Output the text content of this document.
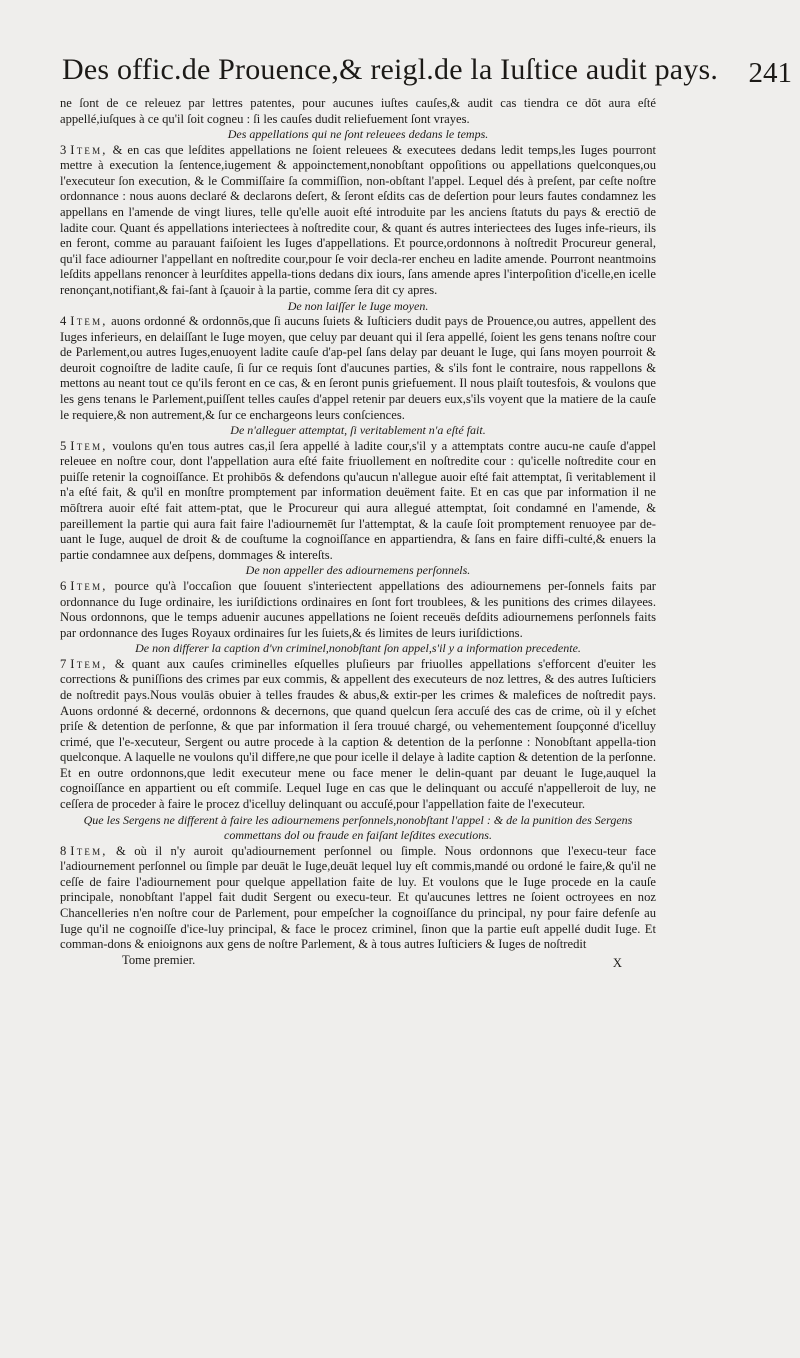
Des offic.de Prouence,& reigl.de la Iuſtice audit pays. 241

ne ſont de ce releuez par lettres patentes, pour aucunes iuſtes cauſes,& audit cas tiendra ce dōt aura eſté appellé,iuſques à ce qu'il ſoit cogneu : ſi les cauſes dudit reliefuement ſont vrayes.

Des appellations qui ne ſont releuees dedans le temps.

3 Item, & en cas que leſdites appellations ne ſoient releuees & executees dedans ledit temps,les Iuges pourront mettre à execution la ſentence,iugement & appoinctement,nonobſtant oppoſitions ou appellations quelconques,ou l'executeur ſon execution, & le Commiſſaire ſa commiſſion, non-obſtant l'appel. Lequel dés à preſent, par ceſte noſtre ordonnance : nous auons declaré & declarons deſert, & ſeront eſdits cas de deſertion pour leurs fautes condamnez les appellans en l'amende de vingt liures, telle qu'elle auoit eſté introduite par les anciens ſtatuts du pays & erectiō de ladite cour. Quant és appellations interiectees à noſtredite cour, & quant és autres interiectees des Iuges infe-rieurs, ils en feront, comme au parauant faiſoient les Iuges d'appellations. Et pource,ordonnons à noſtredit Procureur general, qu'il face adiourner l'appellant en noſtredite cour,pour ſe voir decla-rer encheu en ladite amende. Pourront neantmoins leſdits appellans renoncer à leurſdites appella-tions dedans dix iours, ſans amende apres l'interpoſition d'icelle,en icelle renonçant,notifiant,& fai-ſant à ſçauoir à la partie, comme ſera dit cy apres.

De non laiſſer le Iuge moyen.

4 Item, auons ordonné & ordonnōs,que ſi aucuns ſuiets & Iuſticiers dudit pays de Prouence,ou autres, appellent des Iuges inferieurs, en delaiſſant le Iuge moyen, que celuy par deuant qui il ſera appellé, ſoient les gens tenans noſtre cour de Parlement,ou autres Iuges,enuoyent ladite cauſe d'ap-pel ſans delay par deuant le Iuge, qui ſans moyen pourroit & deuroit cognoiſtre de ladite cauſe, ſi ſur ce requis ſont d'aucunes parties, & s'ils font le contraire, nous rappellons & mettons au neant tout ce qu'ils feront en ce cas, & en ſeront punis griefuement. Il nous plaiſt toutesfois, & voulons que les gens tenans le Parlement,puiſſent telles cauſes d'appel retenir par deuers eux,s'ils voyent que la matiere de la cauſe le requiere,& non autrement,& ſur ce enchargeons leurs conſciences.

De n'alleguer attemptat, ſi veritablement n'a eſté fait.

5 Item, voulons qu'en tous autres cas,il ſera appellé à ladite cour,s'il y a attemptats contre aucu-ne cauſe d'appel releuee en noſtre cour, dont l'appellation aura eſté faite friuollement en noſtredite cour : qu'icelle noſtredite cour en puiſſe retenir la cognoiſſance. Et prohibōs & defendons qu'aucun n'allegue auoir eſté fait attemptat, ſi veritablement il n'a eſté fait, & qu'il en monſtre promptement par information deuëment faite. Et en cas que par information il ne mōſtrera auoir eſté fait attem-ptat, que le Procureur qui aura allegué attemptat, ſoit condamné en l'amende, & pareillement la partie qui aura fait faire l'adiournemēt ſur l'attemptat, & la cauſe ſoit promptement renuoyee par de-uant le Iuge, auquel de droit & de couſtume la cognoiſſance en appartiendra, & ſans en faire diffi-culté,& enuers la partie condamnee aux deſpens, dommages & intereſts.

De non appeller des adiournemens perſonnels.

6 Item, pource qu'à l'occaſion que ſouuent s'interiectent appellations des adiournemens per-ſonnels faits par ordonnance du Iuge ordinaire, les iuriſdictions ordinaires en ſont fort troublees, & les punitions des crimes dilayees. Nous ordonnons, que le temps aduenir aucunes appellations ne ſoient receuës deſdits adiournemens perſonnels faits par ordonnance des Iuges Royaux ordinaires ſur les ſuiets,& és limites de leurs iuriſdictions.

De non differer la caption d'vn criminel,nonobſtant ſon appel,s'il y a information precedente.

7 Item, & quant aux cauſes criminelles eſquelles pluſieurs par friuolles appellations s'efforcent d'euiter les corrections & puniſſions des crimes par eux commis, & appellent des executeurs de noz lettres, & des autres Iuſticiers de noſtredit pays.Nous voulās obuier à telles fraudes & abus,& extir-per les crimes & malefices de noſtredit pays. Auons ordonné & decerné, ordonnons & decernons, que quand quelcun ſera accuſé des cas de crime, où il y eſchet priſe & detention de perſonne, & que par information il ſera trouué chargé, ou vehementement ſoupçonné d'icelluy crimé, que l'e-xecuteur, Sergent ou autre procede à la caption & detention de la perſonne : Nonobſtant appella-tion quelconque. A laquelle ne voulons qu'il differe,ne que pour icelle il delaye à ladite caption & detention de la perſonne. Et en outre ordonnons,que ledit executeur mene ou face mener le delin-quant par deuant le Iuge,auquel la cognoiſſance en appartient ou eſt commiſe. Lequel Iuge en cas que le delinquant ou accuſé n'appelleroit de luy, ne ceſſera de proceder à faire le procez d'icelluy delinquant ou accuſé,pour l'appellation faite de l'executeur.

Que les Sergens ne different à faire les adiournemens perſonnels,nonobſtant l'appel : & de la punition des Sergens commettans dol ou fraude en faiſant leſdites executions.

8 Item, & où il n'y auroit qu'adiournement perſonnel ou ſimple. Nous ordonnons que l'execu-teur face l'adiournement perſonnel ou ſimple par deuāt le Iuge,deuāt lequel luy eſt commis,mandé ou ordoné le faire,& qu'il ne ceſſe de faire l'adiournement pour quelque appellation faite de luy. Et voulons que le Iuge procede en la cauſe principale, nonobſtant l'appel fait dudit Sergent ou execu-teur. Et qu'aucunes lettres ne ſoient octroyees en noz Chancelleries n'en noſtre cour de Parlement, pour empeſcher la cognoiſſance du principal, ny pour faire defenſe au Iuge qu'il ne cognoiſſe d'ice-luy principal, & face le procez criminel, ſinon que la partie euſt appellé dudit Iuge. Et comman-dons & enioignons aux gens de noſtre Parlement, & à tous autres Iuſticiers & Iuges de noſtredit

Tome premier.	X
